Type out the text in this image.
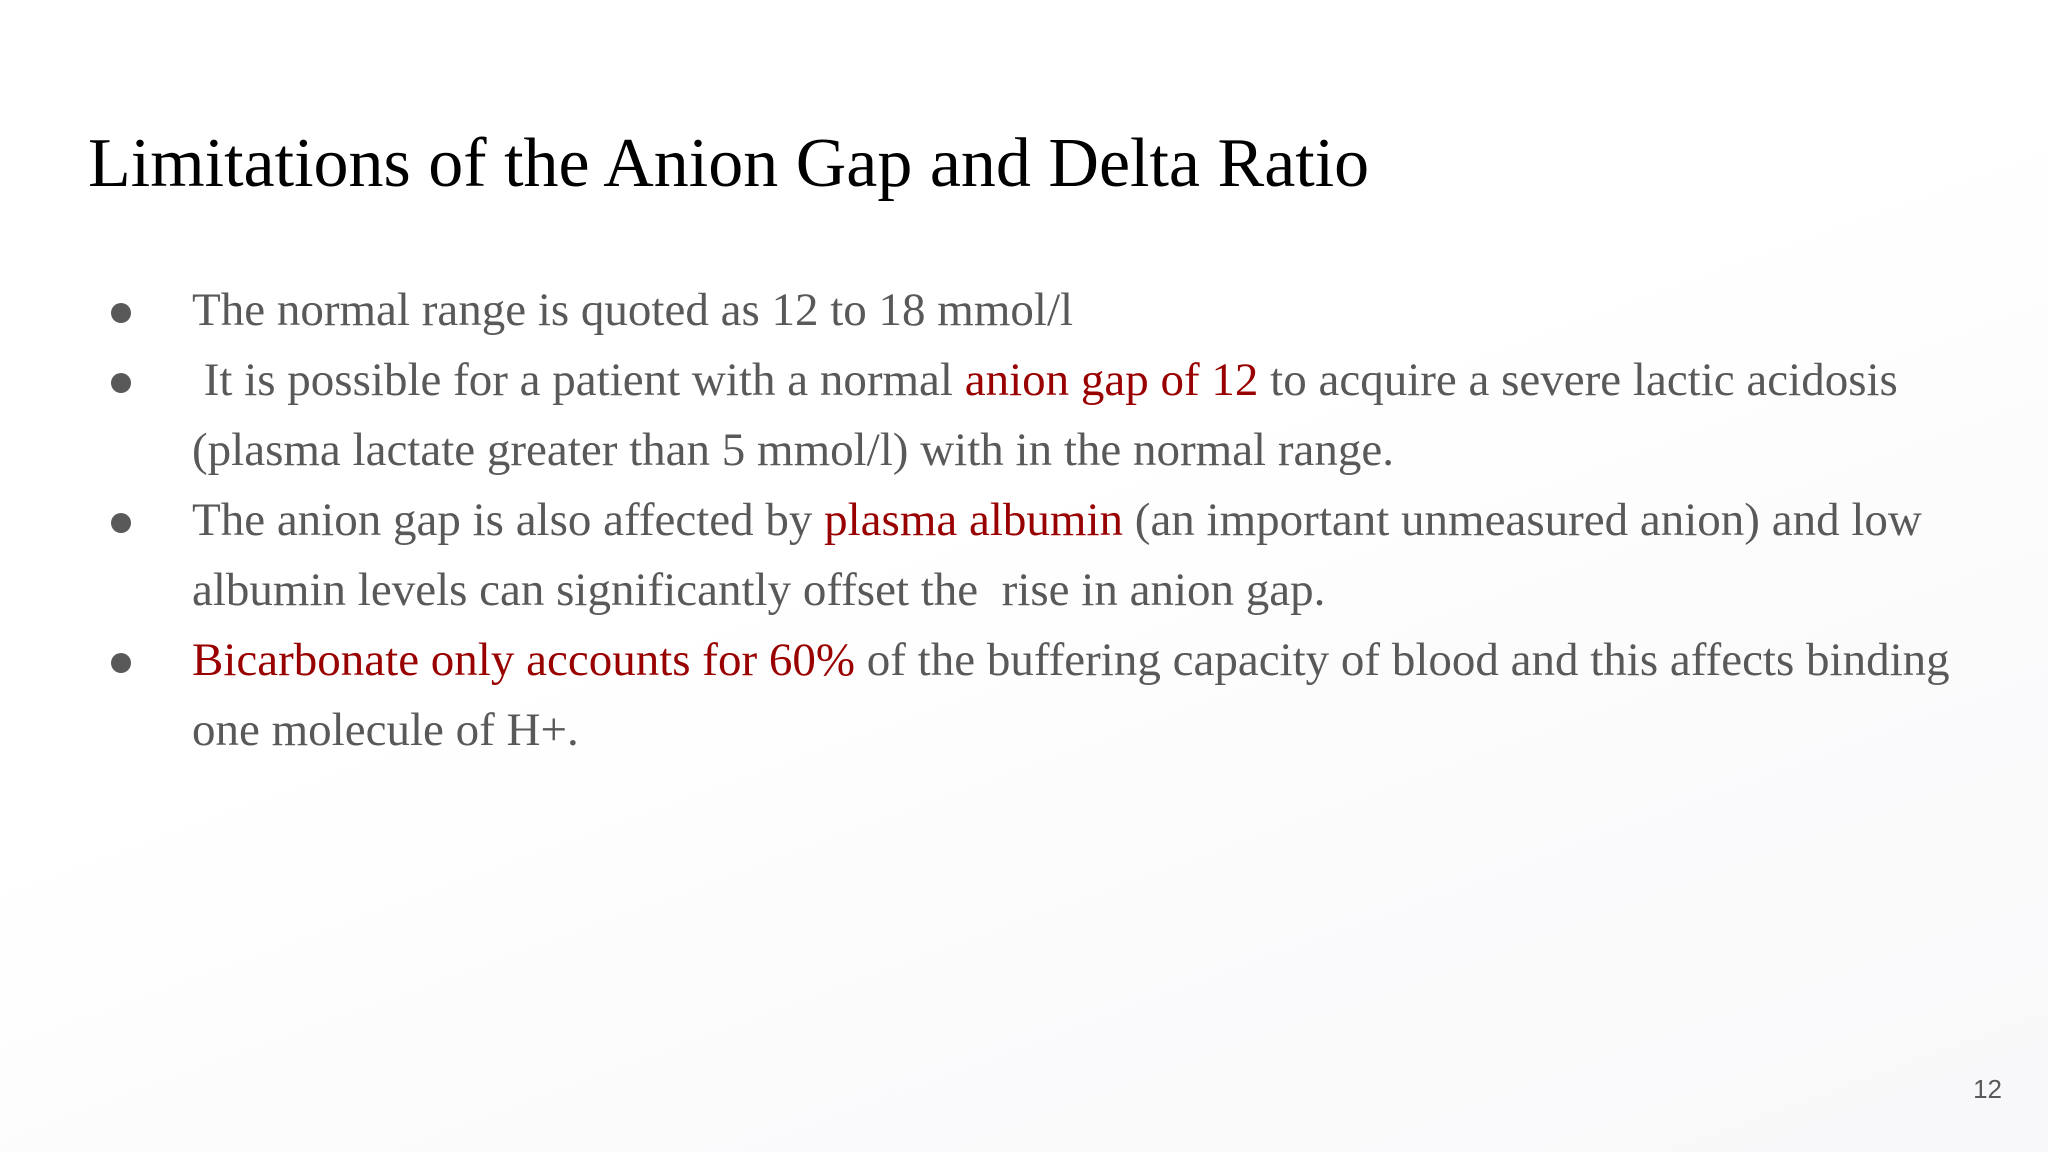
Limitations of the Anion Gap and Delta Ratio
The normal range is quoted as 12 to 18 mmol/l
It is possible for a patient with a normal anion gap of 12 to acquire a severe lactic acidosis (plasma lactate greater than 5 mmol/l) with in the normal range.
The anion gap is also affected by plasma albumin (an important unmeasured anion) and low albumin levels can significantly offset the  rise in anion gap.
Bicarbonate only accounts for 60% of the buffering capacity of blood and this affects binding one molecule of H+.
12
